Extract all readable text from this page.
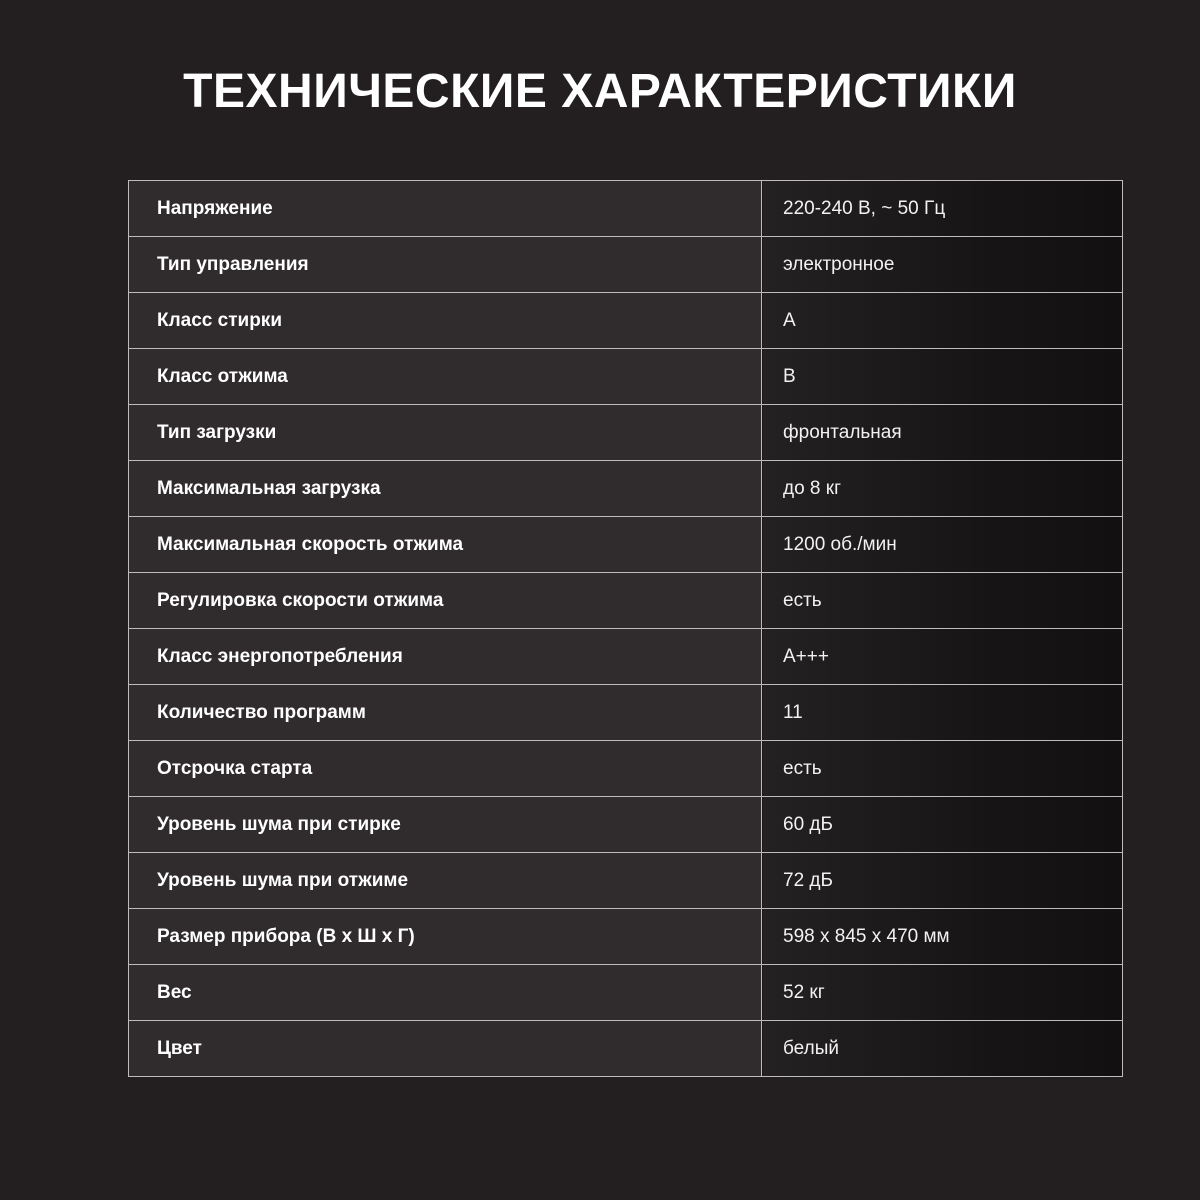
ТЕХНИЧЕСКИЕ ХАРАКТЕРИСТИКИ
Напряжение	220-240 В, ~ 50 Гц
Тип управления	электронное
Класс стирки	А
Класс отжима	В
Тип загрузки	фронтальная
Максимальная загрузка	до 8 кг
Максимальная скорость отжима	1200 об./мин
Регулировка скорости отжима	есть
Класс энергопотребления	А+++
Количество программ	11
Отсрочка старта	есть
Уровень шума при стирке	60 дБ
Уровень шума при отжиме	72 дБ
Размер прибора (В х Ш х Г)	598 х 845 х 470 мм
Вес	52 кг
Цвет	белый
